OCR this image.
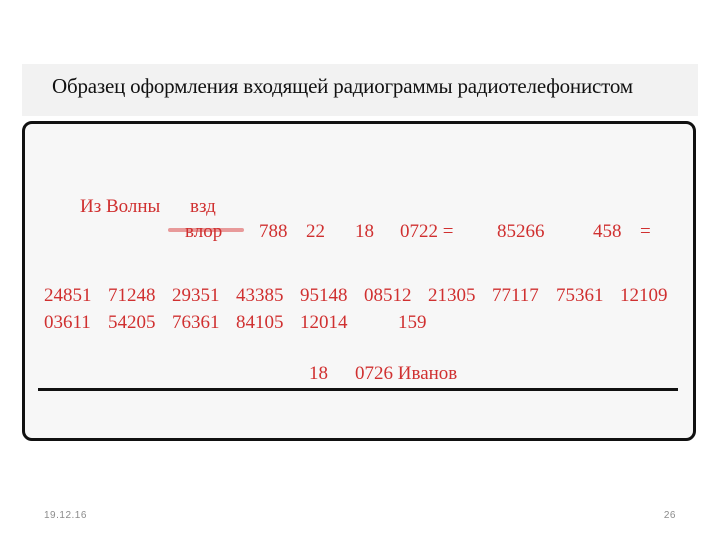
Образец оформления входящей радиограммы радиотелефонистом
Из Волны взд
влор 788 22 18 0722 = 85266	458 =
24851 71248 29351 43385 95148 08512 21305 77117 75361 12109
03611 54205 76361 84105 12014	159
18 0726 Иванов
19.12.16	26
